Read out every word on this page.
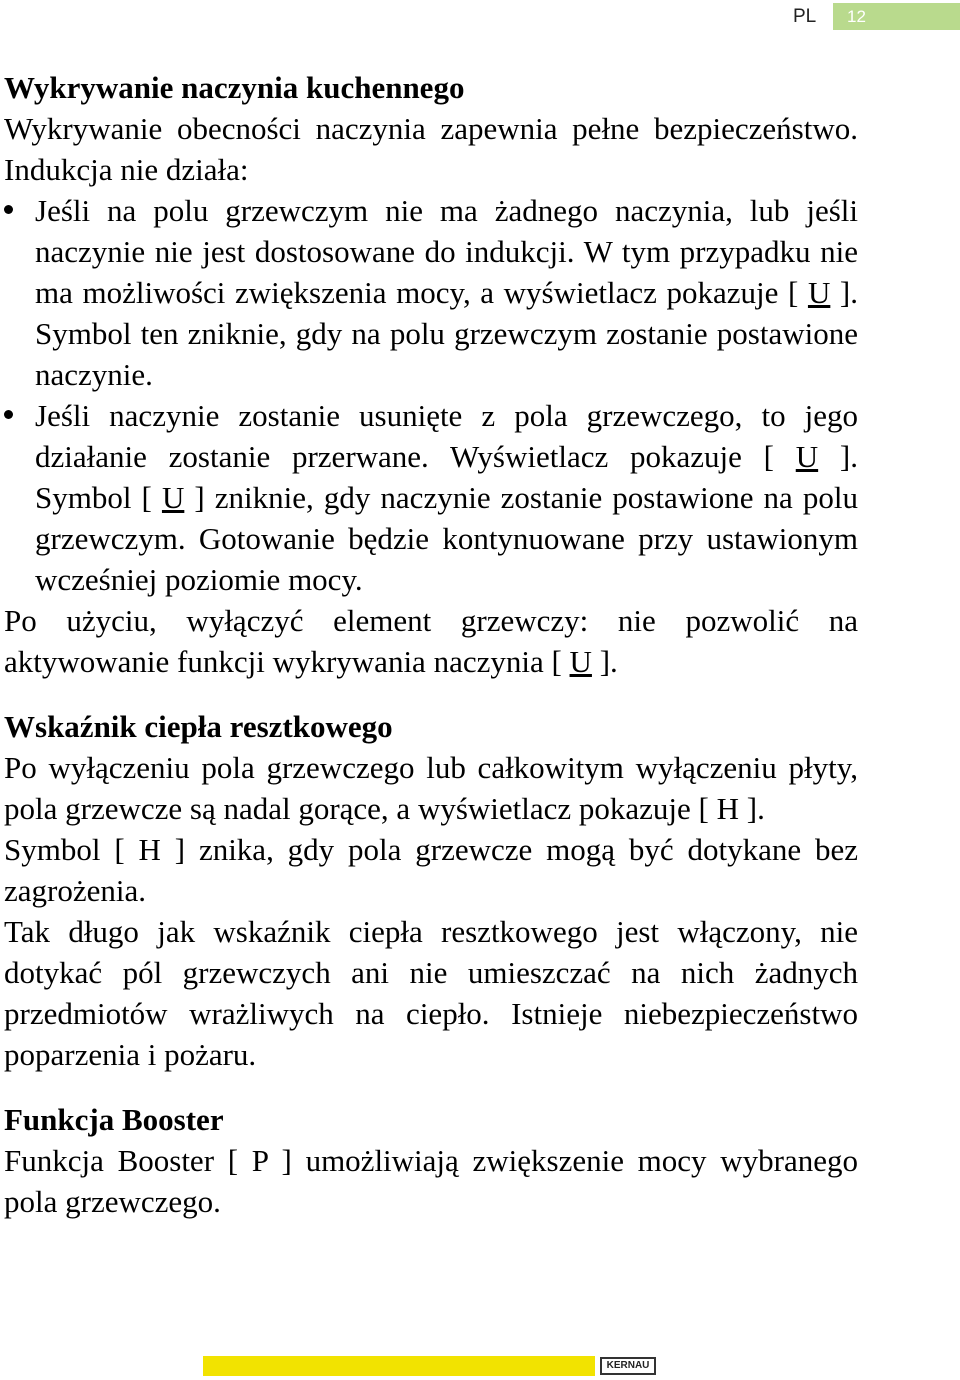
PL	12
Wykrywanie naczynia kuchennego

Wykrywanie obecności naczynia zapewnia pełne bezpieczeństwo. Indukcja nie działa:

Jeśli na polu grzewczym nie ma żadnego naczynia, lub jeśli naczynie nie jest dostosowane do indukcji. W tym przypadku nie ma możliwości zwiększenia mocy, a wyświetlacz pokazuje [ U ]. Symbol ten zniknie, gdy na polu grzewczym zostanie postawione naczynie.
Jeśli naczynie zostanie usunięte z pola grzewczego, to jego działanie zostanie przerwane. Wyświetlacz pokazuje [ U ]. Symbol [ U ] zniknie, gdy naczynie zostanie postawione na polu grzewczym. Gotowanie będzie kontynuowane przy ustawionym wcześniej poziomie mocy.

Po użyciu, wyłączyć element grzewczy: nie pozwolić na aktywowanie funkcji wykrywania naczynia [ U ].

Wskaźnik ciepła resztkowego

Po wyłączeniu pola grzewczego lub całkowitym wyłączeniu płyty, pola grzewcze są nadal gorące, a wyświetlacz pokazuje [ H ].

Symbol [ H ] znika, gdy pola grzewcze mogą być dotykane bez zagrożenia.

Tak długo jak wskaźnik ciepła resztkowego jest włączony, nie dotykać pól grzewczych ani nie umieszczać na nich żadnych przedmiotów wrażliwych na ciepło. Istnieje niebezpieczeństwo poparzenia i pożaru.

Funkcja Booster

Funkcja Booster [ P ] umożliwiają zwiększenie mocy wybranego pola grzewczego.

KERNAU
